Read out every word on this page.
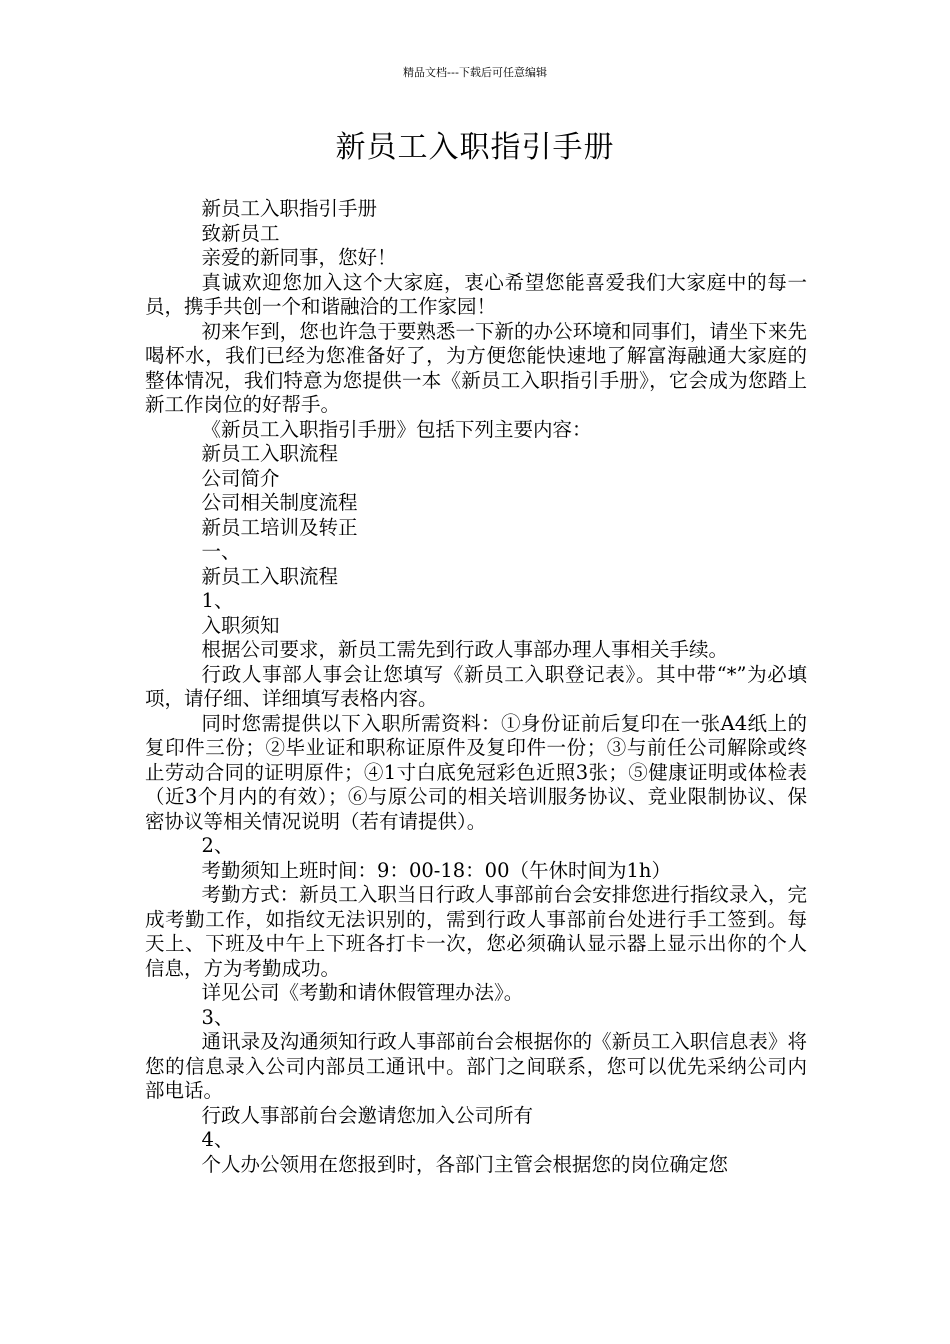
精品文档---下载后可任意编辑
新员工入职指引手册

新员工入职指引手册

致新员工

亲爱的新同事，您好！

真诚欢迎您加入这个大家庭，衷心希望您能喜爱我们大家庭中的每一员，携手共创一个和谐融洽的工作家园！

初来乍到，您也许急于要熟悉一下新的办公环境和同事们，请坐下来先喝杯水，我们已经为您准备好了，为方便您能快速地了解富海融通大家庭的整体情况，我们特意为您提供一本《新员工入职指引手册》，它会成为您踏上新工作岗位的好帮手。

《新员工入职指引手册》包括下列主要内容：

新员工入职流程

公司简介

公司相关制度流程

新员工培训及转正

一、

新员工入职流程

1、

入职须知

根据公司要求，新员工需先到行政人事部办理人事相关手续。

行政人事部人事会让您填写《新员工入职登记表》。其中带“*”为必填项，请仔细、详细填写表格内容。

同时您需提供以下入职所需资料：①身份证前后复印在一张A4纸上的复印件三份；②毕业证和职称证原件及复印件一份；③与前任公司解除或终止劳动合同的证明原件；④1寸白底免冠彩色近照3张；⑤健康证明或体检表（近3个月内的有效）；⑥与原公司的相关培训服务协议、竞业限制协议、保密协议等相关情况说明（若有请提供）。

2、

考勤须知上班时间：9：00-18：00（午休时间为1h）

考勤方式：新员工入职当日行政人事部前台会安排您进行指纹录入，完成考勤工作，如指纹无法识别的，需到行政人事部前台处进行手工签到。每天上、下班及中午上下班各打卡一次，您必须确认显示器上显示出你的个人信息，方为考勤成功。

详见公司《考勤和请休假管理办法》。

3、

通讯录及沟通须知行政人事部前台会根据你的《新员工入职信息表》将您的信息录入公司内部员工通讯中。部门之间联系，您可以优先采纳公司内部电话。

行政人事部前台会邀请您加入公司所有

4、

个人办公领用在您报到时，各部门主管会根据您的岗位确定您
